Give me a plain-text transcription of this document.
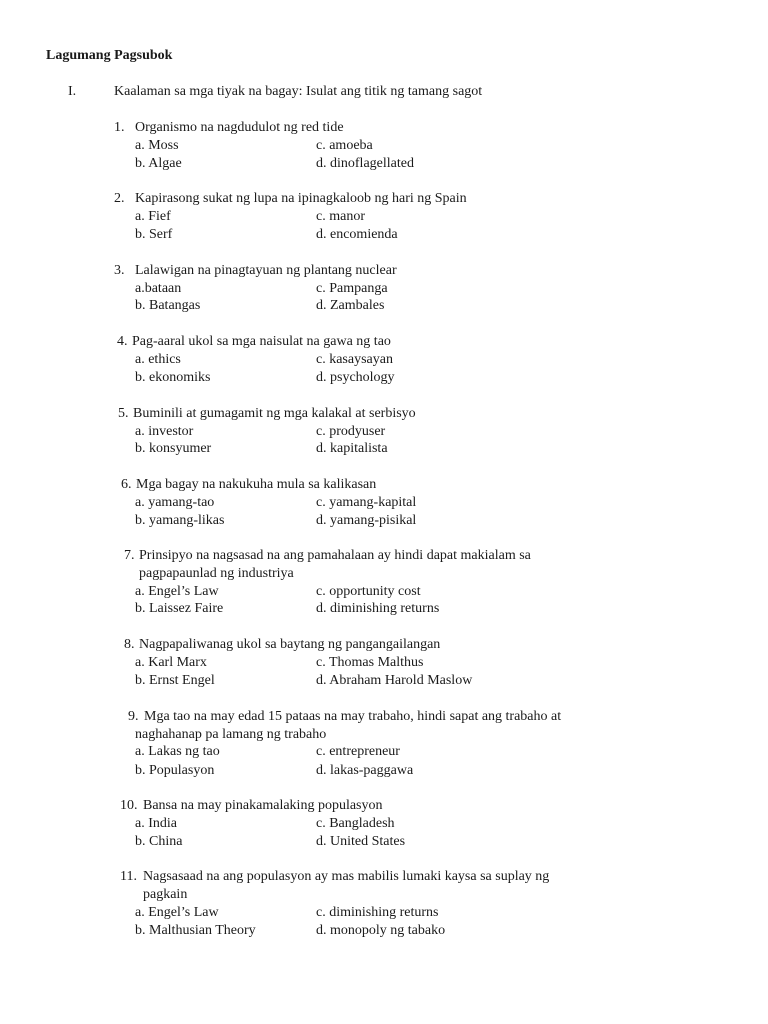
Lagumang Pagsubok
I.	Kaalaman sa mga tiyak na bagay: Isulat ang titik ng tamang sagot
1. Organismo na nagdudulot ng red tide
a. Moss	c. amoeba
b. Algae	d. dinoflagellated
2. Kapirasong sukat ng lupa na ipinagkaloob ng hari ng Spain
a. Fief	c. manor
b. Serf	d. encomienda
3. Lalawigan na pinagtayuan ng plantang nuclear
a.bataan	c. Pampanga
b. Batangas	d. Zambales
4. Pag-aaral ukol sa mga naisulat na gawa ng tao
a. ethics	c. kasaysayan
b. ekonomiks	d. psychology
5. Buminili at gumagamit ng mga kalakal at serbisyo
a. investor	c. prodyuser
b. konsyumer	d. kapitalista
6. Mga bagay na nakukuha mula sa kalikasan
a. yamang-tao	c. yamang-kapital
b. yamang-likas	d. yamang-pisikal
7. Prinsipyo na nagsasad na ang pamahalaan ay hindi dapat makialam sa
pagpapaunlad ng industriya
a. Engel’s Law	c. opportunity cost
b. Laissez Faire	d. diminishing returns
8. Nagpapaliwanag ukol sa baytang ng pangangailangan
a. Karl Marx	c. Thomas Malthus
b. Ernst Engel	d. Abraham Harold Maslow
9. Mga tao na may edad 15 pataas na may trabaho, hindi sapat ang trabaho at
naghahanap pa lamang ng trabaho
a. Lakas ng tao	c. entrepreneur
b. Populasyon	d. lakas-paggawa
10. Bansa na may pinakamalaking populasyon
a. India	c. Bangladesh
b. China	d. United States
11. Nagsasaad na ang populasyon ay mas mabilis lumaki kaysa sa suplay ng
pagkain
a. Engel’s Law	c. diminishing returns
b. Malthusian Theory	d. monopoly ng tabako
